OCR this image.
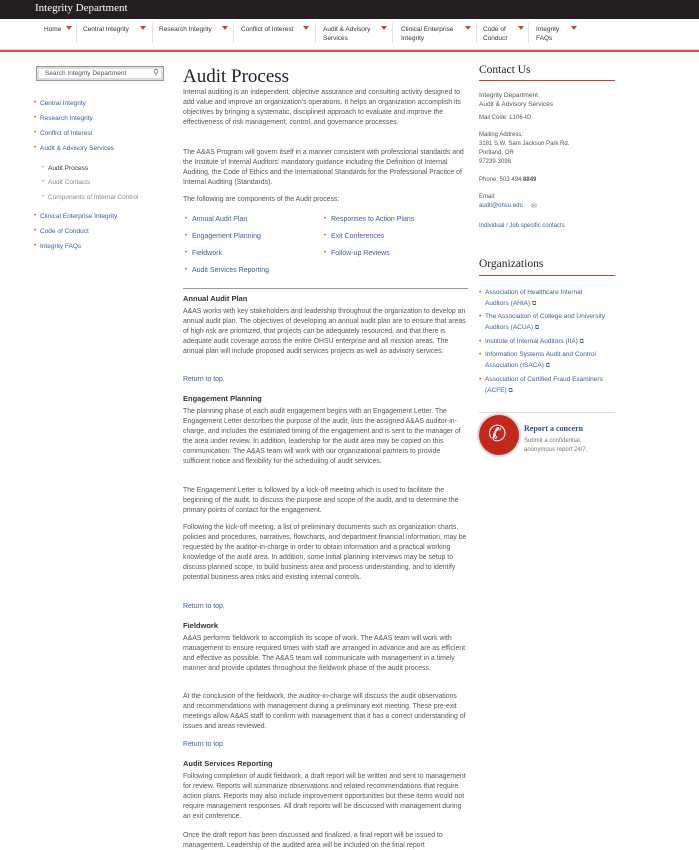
Integrity Department
Home	Central Integrity	Research Integrity	Conflict of Interest	Audit & Advisory
Services
Clinical Enterprise
Integrity
Code of
Conduct
Integrity
FAQs
Search Integrity Department	⚲
• Central Integrity
• Research Integrity
• Conflict of Interest
• Audit & Advisory Services
• Audit Process
• Audit Contacts
• Components of Internal Control
• Clinical Enterprise Integrity
• Code of Conduct
• Integrity FAQs
Audit Process

Internal auditing is an independent, objective assurance and consulting activity designed to add value and improve an organization's operations. It helps an organization accomplish its objectives by bringing a systematic, disciplined approach to evaluate and improve the effectiveness of risk management, control, and governance processes.

The A&AS Program will govern itself in a manner consistent with professional standards and the Institute of Internal Auditors' mandatory guidance including the Definition of Internal Auditing, the Code of Ethics and the International Standards for the Professional Practice of Internal Auditing (Standards).

The following are components of the Audit process:

• Annual Audit Plan
• Engagement Planning
• Fieldwork
• Audit Services Reporting
• Responses to Action Plans
• Exit Conferences
• Follow-up Reviews
Annual Audit Plan

A&AS works with key stakeholders and leadership throughout the organization to develop an annual audit plan. The objectives of developing an annual audit plan are to ensure that areas of high risk are prioritized, that projects can be adequately resourced, and that there is adequate audit coverage across the entire OHSU enterprise and all mission areas. The annual plan will include proposed audit services projects as well as advisory services.

Return to top.
Engagement Planning

The planning phase of each audit engagement begins with an Engagement Letter. The Engagement Letter describes the purpose of the audit, lists the assigned A&AS auditor-in-charge, and includes the estimated timing of the engagement and is sent to the manager of the area under review. In addition, leadership for the audit area may be copied on this communication. The A&AS team will work with our organizational partners to provide sufficient notice and flexibility for the scheduling of audit services.

The Engagement Letter is followed by a kick-off meeting which is used to facilitate the beginning of the audit, to discuss the purpose and scope of the audit, and to determine the primary points of contact for the engagement.

Following the kick-off meeting, a list of preliminary documents such as organization charts, policies and procedures, narratives, flowcharts, and department financial information, may be requested by the auditor-in-charge in order to obtain information and a practical working knowledge of the audit area. In addition, some initial planning interviews may be setup to discuss planned scope, to build business area and process understanding, and to identify potential business area risks and existing internal controls.

Return to top.
Fieldwork

A&AS performs fieldwork to accomplish its scope of work. The A&AS team will work with management to ensure required times with staff are arranged in advance and are as efficient and effective as possible. The A&AS team will communicate with management in a timely manner and provide updates throughout the fieldwork phase of the audit process.

At the conclusion of the fieldwork, the auditor-in-charge will discuss the audit observations and recommendations with management during a preliminary exit meeting. These pre-exit meetings allow A&AS staff to confirm with management that it has a correct understanding of issues and areas reviewed.

Return to top.
Audit Services Reporting

Following completion of audit fieldwork, a draft report will be written and sent to management for review. Reports will summarize observations and related recommendations that require action plans. Reports may also include improvement opportunities but these items would not require management responses. All draft reports will be discussed with management during an exit conference.

Once the draft report has been discussed and finalized, a final report will be issued to management. Leadership of the audited area will be included on the final report

Contact Us
Integrity Department
Audit & Advisory Services
Mail Code: L106-IO
Mailing Address:
3181 S.W. Sam Jackson Park Rd.
Portland, OR
97239-3098
Phone: 503 494 8849
Email:
audit@ohsu.edu ✉
Individual / Job specific contacts
Organizations
• Association of Healthcare Internal
Auditors (AHIA) ⧉
• The Association of College and University
Auditors (ACUA) ⧉
• Institute of Internal Auditors (IIA) ⧉
• Information Systems Audit and Control
Association (ISACA) ⧉
• Association of Certified Fraud Examiners
(ACFE) ⧉
✆ Report a concern
Submit a confidential,
anonymous report 24/7.
